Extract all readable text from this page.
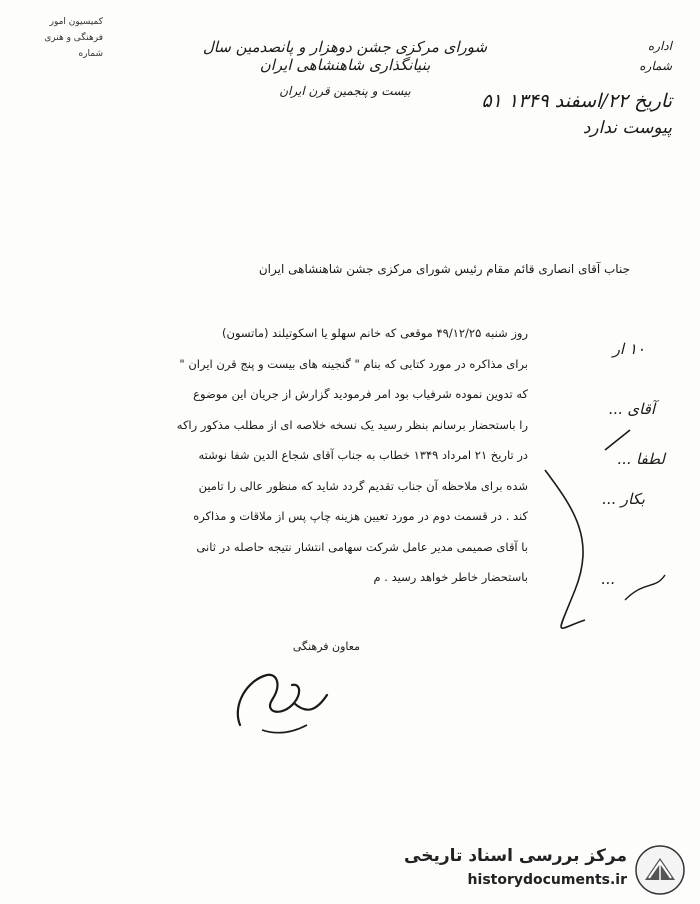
کمیسیون امور
فرهنگی و هنری
شماره	شورای مرکزی جشن دوهزار و پانصدمین سال بنیانگذاری شاهنشاهی ایران
بیست و پنجمین قرن ایران
اداره
شماره
تاریخ ۲۲/اسفند ۱۳۴۹ ۵۱
پیوست ندارد
جناب آقای انصاری قائم مقام رئیس شورای مرکزی جشن شاهنشاهی ایران
روز شنبه ۴۹/۱۲/۲۵ موقعی که خانم سهلو یا اسکوتیلند (ماتسون)
برای مذاکره در مورد کتابی که بنام " گنجینه های بیست و پنج قرن ایران "
که تدوین نموده شرفیاب بود امر فرمودید گزارش از جریان این موضوع
را باستحضار برسانم بنظر رسید یک نسخه خلاصه ای از مطلب مذکور راکه
در تاریخ ۲۱ امرداد ۱۳۴۹ خطاب به جناب آقای شجاع الدین شفا نوشته
شده برای ملاحظه آن جناب تقدیم گردد شاید که منظور عالی را تامین
کند . در قسمت دوم در مورد تعیین هزینه چاپ پس از ملاقات و مذاکره
با آقای صمیمی مدیر عامل شرکت سهامی انتشار نتیجه حاصله در ثانی
باستحضار خاطر خواهد رسید . م
۱۰ ار
آقای ...
لطفا ...
بکار ...
...
معاون فرهنگی
مرکز بررسی اسناد تاریخی
historydocuments.ir
